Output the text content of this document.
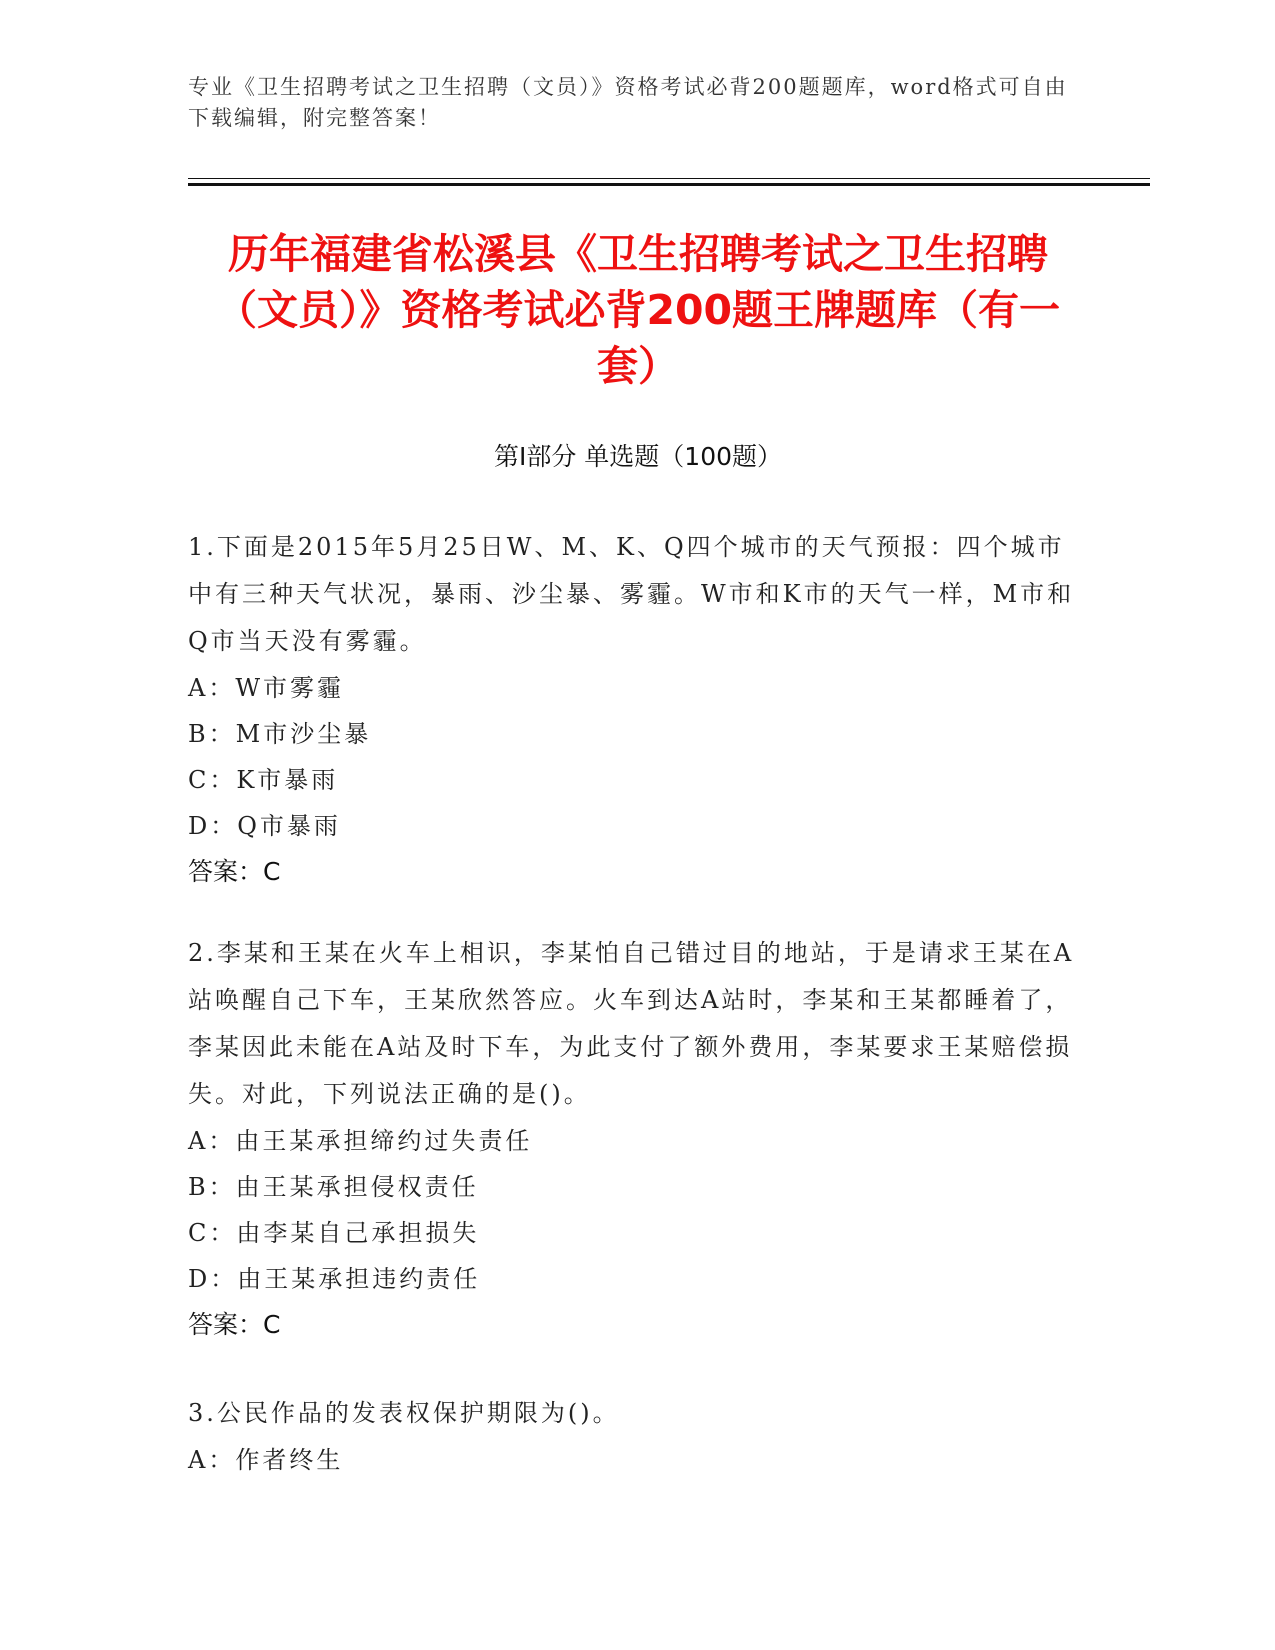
专业《卫生招聘考试之卫生招聘（文员）》资格考试必背200题题库，word格式可自由下载编辑，附完整答案！
历年福建省松溪县《卫生招聘考试之卫生招聘（文员）》资格考试必背200题王牌题库（有一套）
第Ⅰ部分 单选题（100题）

1.下面是2015年5月25日W、M、K、Q四个城市的天气预报：四个城市中有三种天气状况，暴雨、沙尘暴、雾霾。W市和K市的天气一样，M市和Q市当天没有雾霾。

A：W市雾霾

B：M市沙尘暴

C：K市暴雨

D：Q市暴雨

答案：C

2.李某和王某在火车上相识，李某怕自己错过目的地站，于是请求王某在A站唤醒自己下车，王某欣然答应。火车到达A站时，李某和王某都睡着了，李某因此未能在A站及时下车，为此支付了额外费用，李某要求王某赔偿损失。对此，下列说法正确的是()。

A：由王某承担缔约过失责任

B：由王某承担侵权责任

C：由李某自己承担损失

D：由王某承担违约责任

答案：C

3.公民作品的发表权保护期限为()。

A：作者终生
